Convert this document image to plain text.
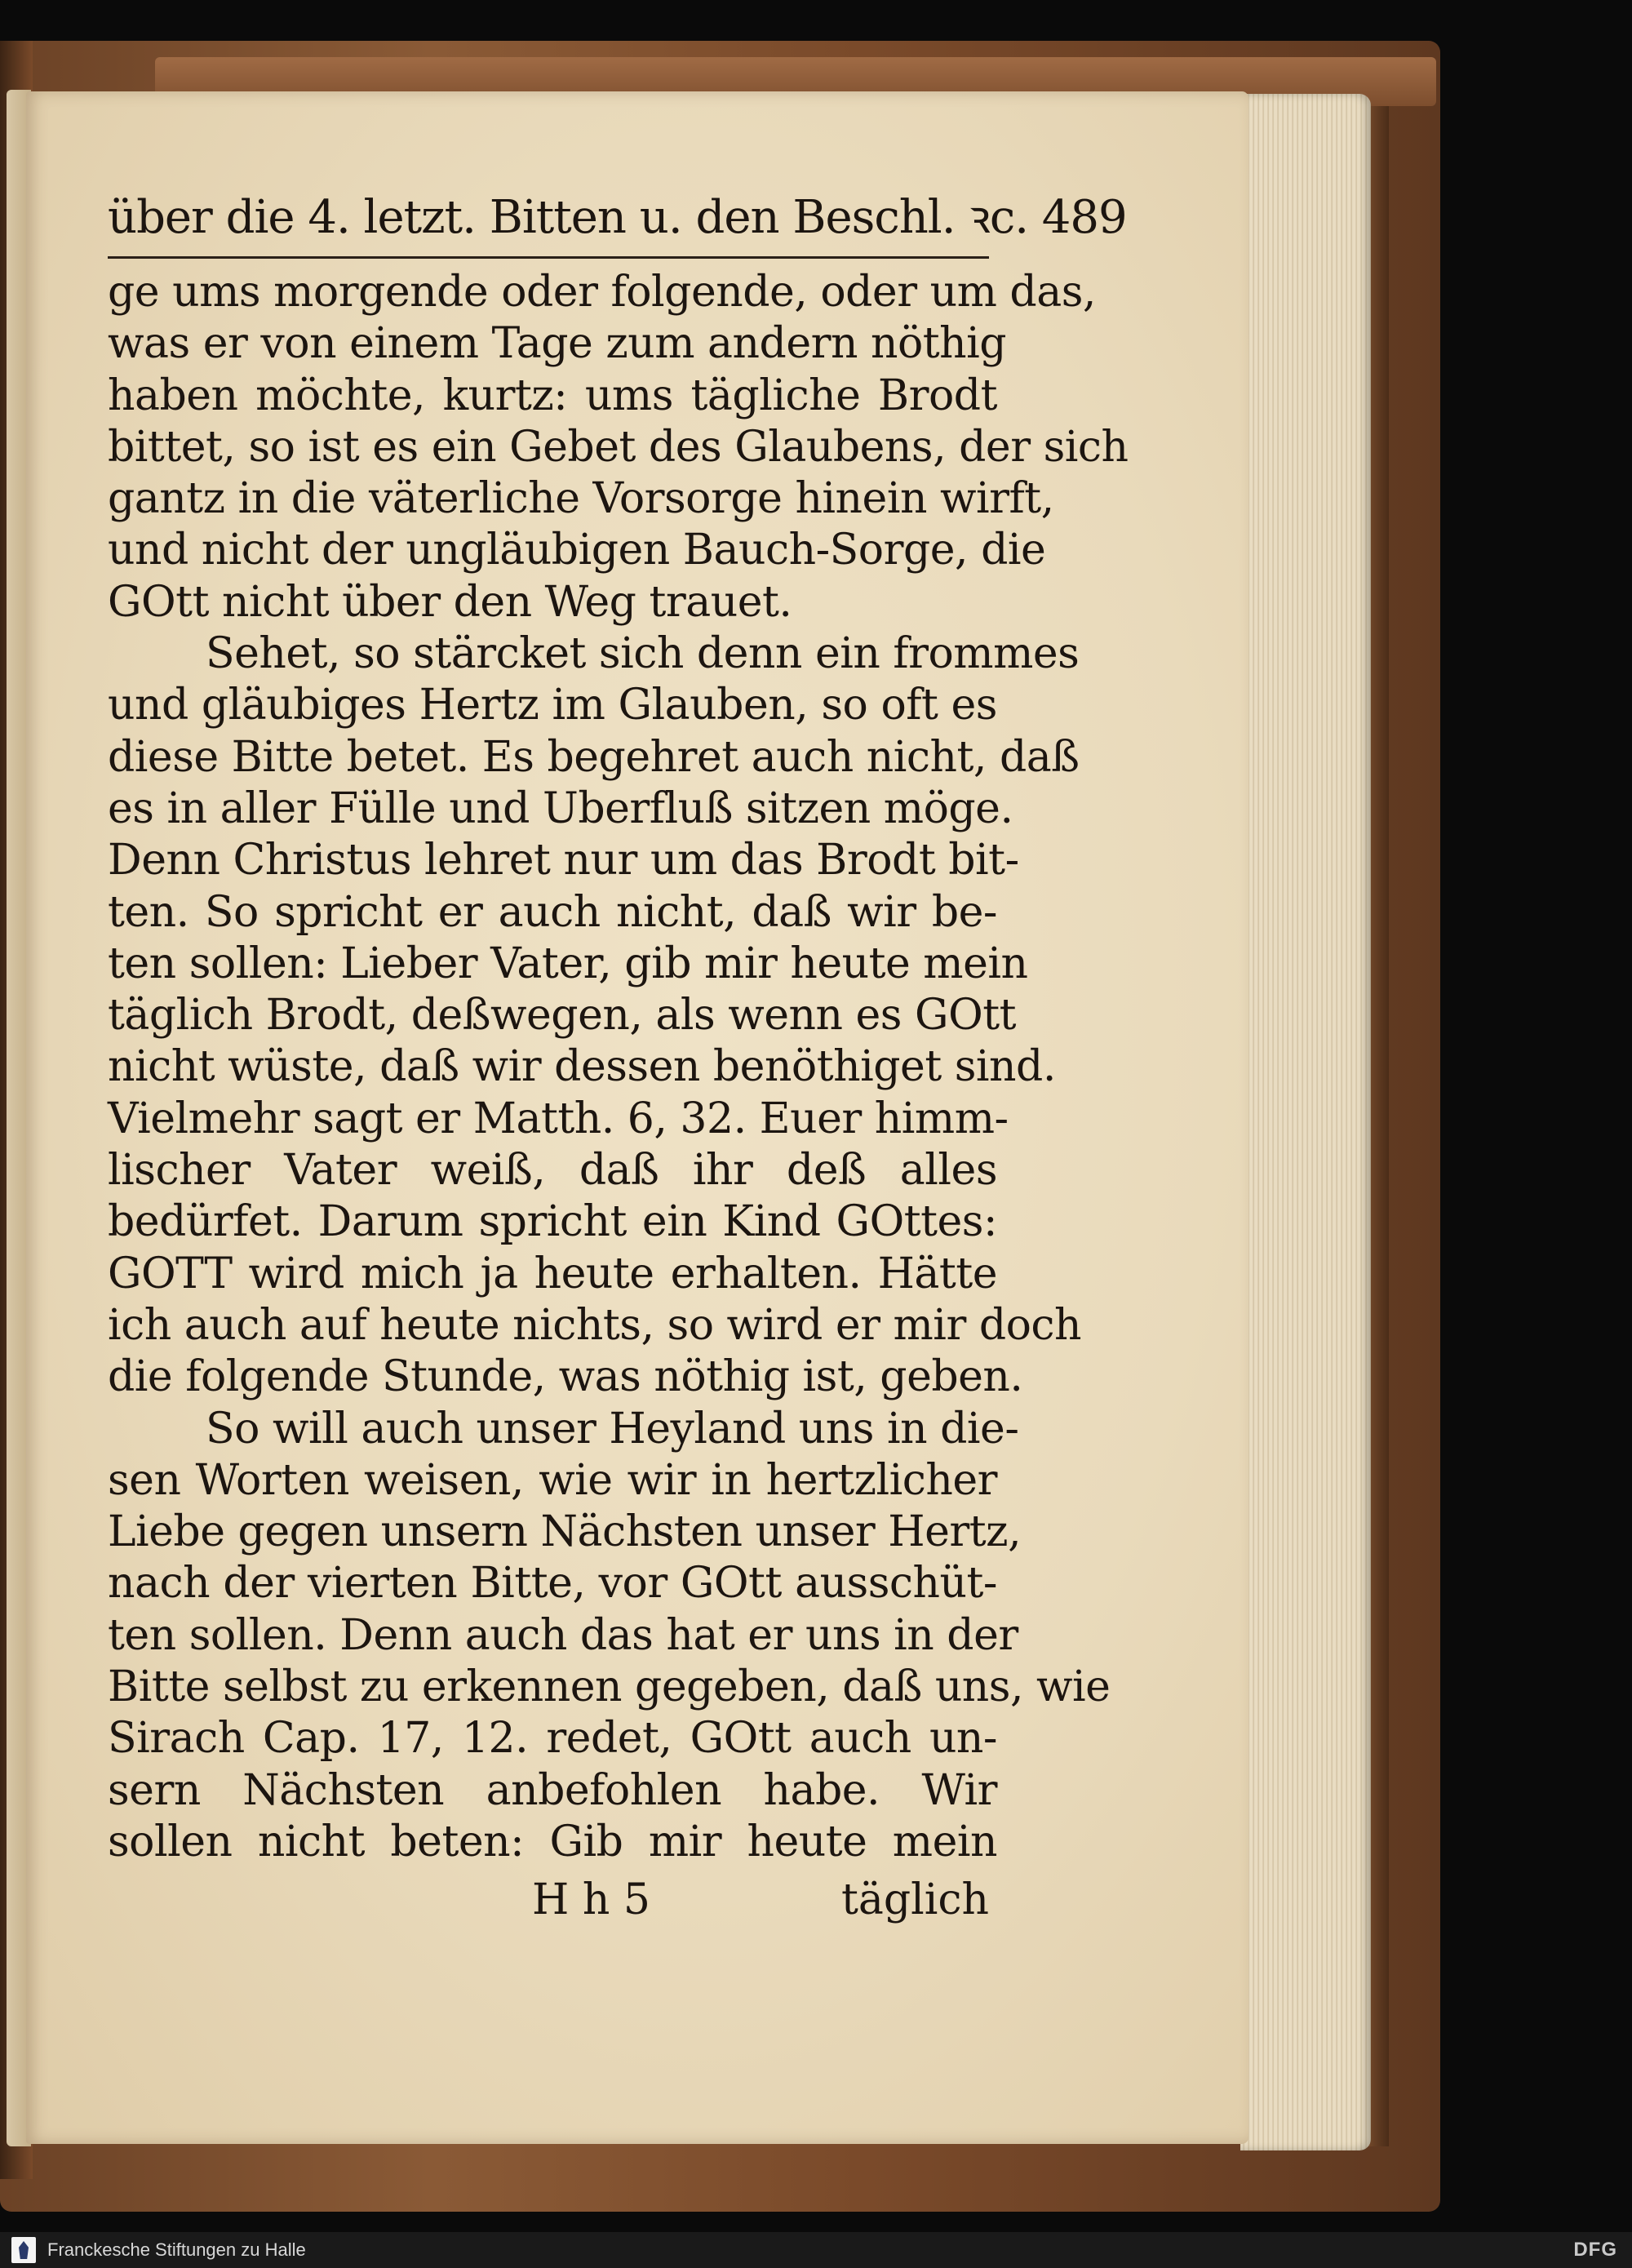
über die 4. letzt. Bitten u. den Beschl. ꝛc. 489
ge ums morgende oder folgende, oder um das,
was er von einem Tage zum andern nöthig
haben möchte, kurtz: ums tägliche Brodt
bittet, so ist es ein Gebet des Glaubens, der sich
gantz in die väterliche Vorsorge hinein wirft,
und nicht der ungläubigen Bauch-Sorge, die
GOtt nicht über den Weg trauet.
Sehet, so stärcket sich denn ein frommes
und gläubiges Hertz im Glauben, so oft es
diese Bitte betet. Es begehret auch nicht, daß
es in aller Fülle und Uberfluß sitzen möge.
Denn Christus lehret nur um das Brodt bit-
ten. So spricht er auch nicht, daß wir be-
ten sollen: Lieber Vater, gib mir heute mein
täglich Brodt, deßwegen, als wenn es GOtt
nicht wüste, daß wir dessen benöthiget sind.
Vielmehr sagt er Matth. 6, 32. Euer himm-
lischer Vater weiß, daß ihr deß alles
bedürfet. Darum spricht ein Kind GOttes:
GOTT wird mich ja heute erhalten. Hätte
ich auch auf heute nichts, so wird er mir doch
die folgende Stunde, was nöthig ist, geben.
So will auch unser Heyland uns in die-
sen Worten weisen, wie wir in hertzlicher
Liebe gegen unsern Nächsten unser Hertz,
nach der vierten Bitte, vor GOtt ausschüt-
ten sollen. Denn auch das hat er uns in der
Bitte selbst zu erkennen gegeben, daß uns, wie
Sirach Cap. 17, 12. redet, GOtt auch un-
sern Nächsten anbefohlen habe. Wir
sollen nicht beten: Gib mir heute mein
H h 5	täglich
Franckesche Stiftungen zu Halle	DFG
